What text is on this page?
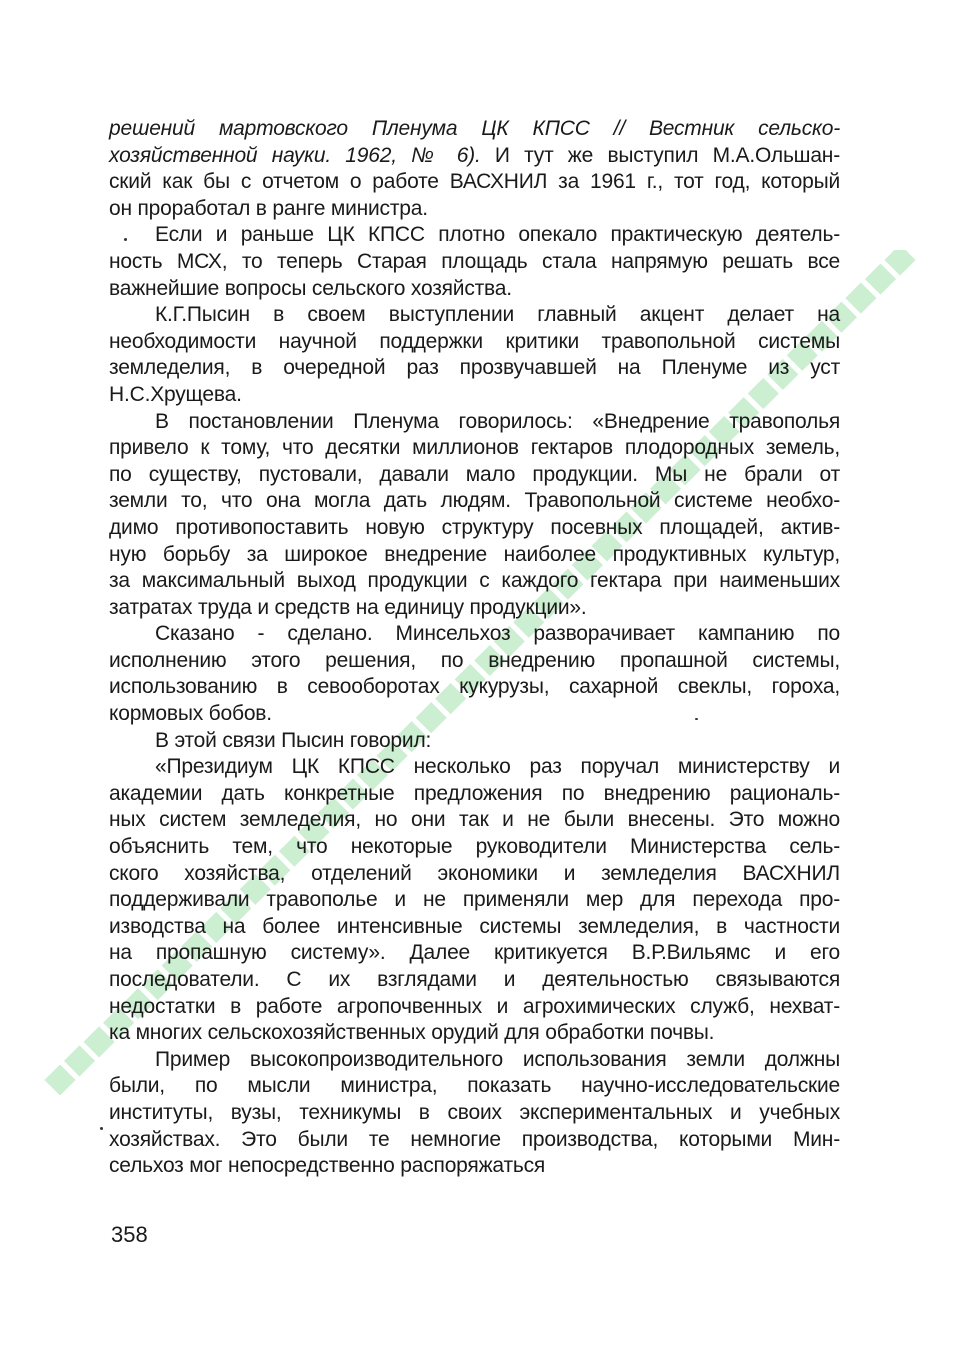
решений мартовского Пленума ЦК КПСС // Вестник сельско-
хозяйственной науки. 1962, № 6). И тут же выступил М.А.Ольшан-
ский как бы с отчетом о работе ВАСХНИЛ за 1961 г., тот год, который
он проработал в ранге министра.
Если и раньше ЦК КПСС плотно опекало практическую деятель-
ность МСХ, то теперь Старая площадь стала напрямую решать все
важнейшие вопросы сельского хозяйства.
К.Г.Пысин в своем выступлении главный акцент делает на
необходимости научной поддержки критики травопольной системы
земледелия, в очередной раз прозвучавшей на Пленуме из уст
Н.С.Хрущева.
В постановлении Пленума говорилось: «Внедрение травополья
привело к тому, что десятки миллионов гектаров плодородных земель,
по существу, пустовали, давали мало продукции. Мы не брали от
земли то, что она могла дать людям. Травопольной системе необхо-
димо противопоставить новую структуру посевных площадей, актив-
ную борьбу за широкое внедрение наиболее продуктивных культур,
за максимальный выход продукции с каждого гектара при наименьших
затратах труда и средств на единицу продукции».
Сказано - сделано. Минсельхоз разворачивает кампанию по
исполнению этого решения, по внедрению пропашной системы,
использованию в севооборотах кукурузы, сахарной свеклы, гороха,
кормовых бобов.
В этой связи Пысин говорил:
«Президиум ЦК КПСС несколько раз поручал министерству и
академии дать конкретные предложения по внедрению рациональ-
ных систем земледелия, но они так и не были внесены. Это можно
объяснить тем, что некоторые руководители Министерства сель-
ского хозяйства, отделений экономики и земледелия ВАСХНИЛ
поддерживали травополье и не применяли мер для перехода про-
изводства на более интенсивные системы земледелия, в частности
на пропашную систему». Далее критикуется В.Р.Вильямс и его
последователи. С их взглядами и деятельностью связываются
недостатки в работе агропочвенных и агрохимических служб, нехват-
ка многих сельскохозяйственных орудий для обработки почвы.
Пример высокопроизводительного использования земли должны
были, по мысли министра, показать научно-исследовательские
институты, вузы, техникумы в своих экспериментальных и учебных
хозяйствах. Это были те немногие производства, которыми Мин-
сельхоз мог непосредственно распоряжаться
358
